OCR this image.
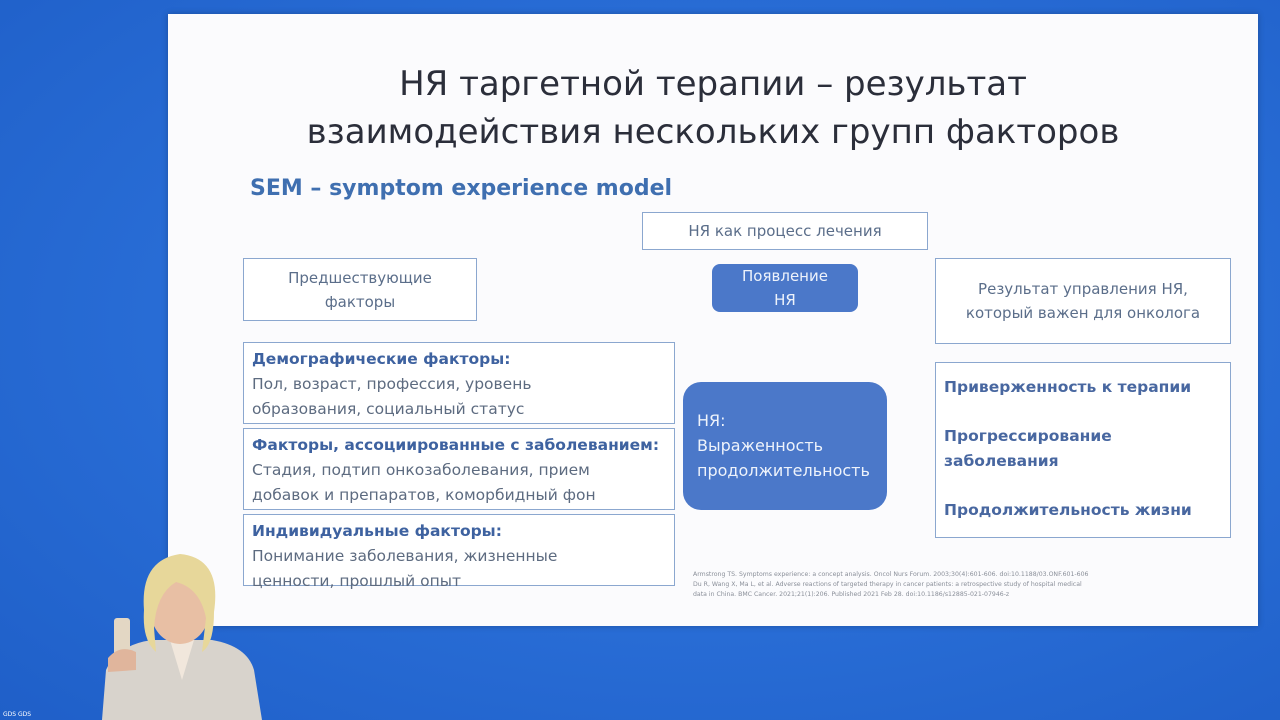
НЯ таргетной терапии – результат
взаимодействия нескольких групп факторов
SEM – symptom experience model
НЯ как процесс лечения
Предшествующие
факторы
Появление
НЯ
Результат управления НЯ,
который важен для онколога
Демографические факторы:
Пол, возраст, профессия, уровень
образования, социальный статус
Факторы, ассоциированные с заболеванием:
Стадия, подтип онкозаболевания, прием
добавок и препаратов, коморбидный фон
Индивидуальные факторы:
Понимание заболевания, жизненные
ценности, прошлый опыт
НЯ:
Выраженность
продолжительность
Приверженность к терапии
Прогрессирование
заболевания
Продолжительность жизни
Armstrong TS. Symptoms experience: a concept analysis. Oncol Nurs Forum. 2003;30(4):601-606. doi:10.1188/03.ONF.601-606
Du R, Wang X, Ma L, et al. Adverse reactions of targeted therapy in cancer patients: a retrospective study of hospital medical
data in China. BMC Cancer. 2021;21(1):206. Published 2021 Feb 28. doi:10.1186/s12885-021-07946-z
GDS GDS
